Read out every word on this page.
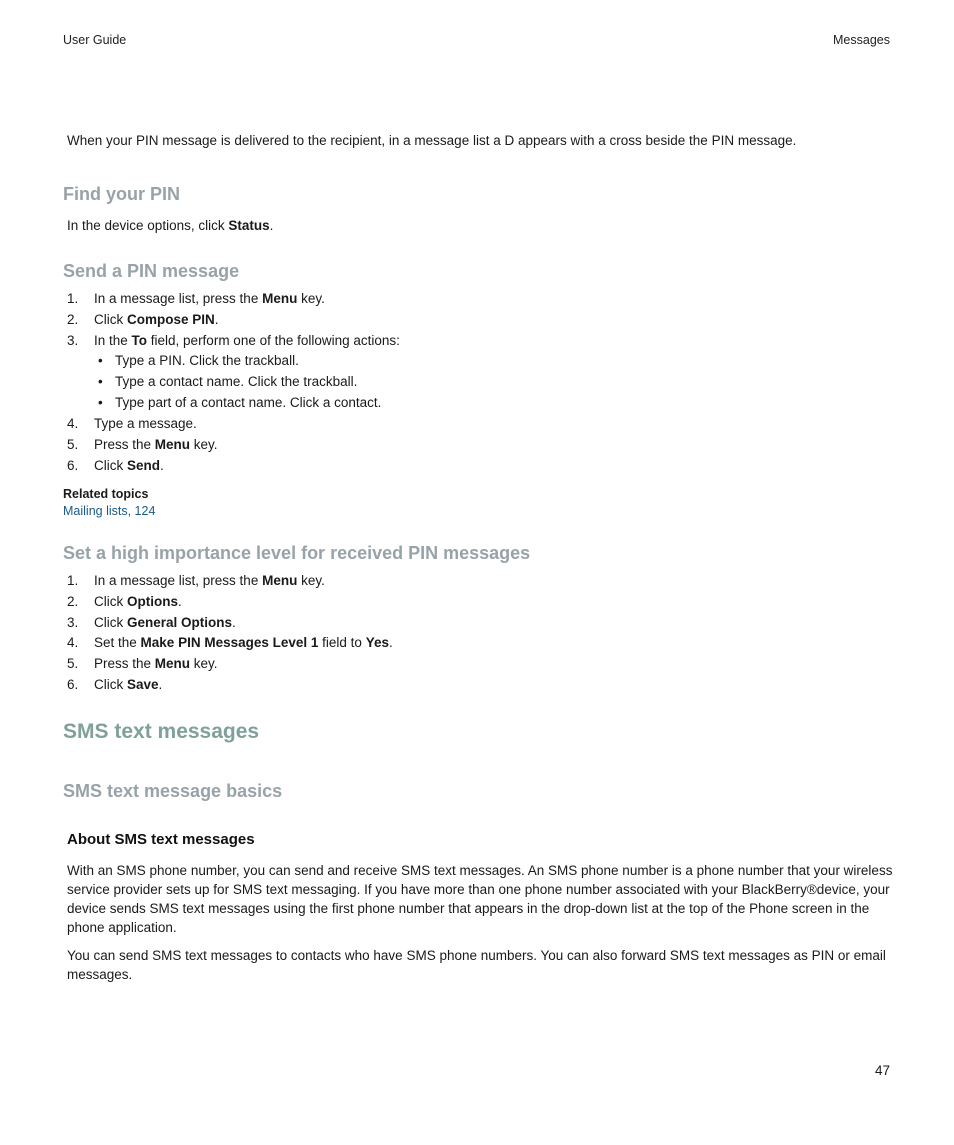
User Guide	Messages

When your PIN message is delivered to the recipient, in a message list a D appears with a cross beside the PIN message.

Find your PIN

In the device options, click Status.

Send a PIN message
1. In a message list, press the Menu key.
2. Click Compose PIN.
3. In the To field, perform one of the following actions:
• Type a PIN. Click the trackball.
• Type a contact name. Click the trackball.
• Type part of a contact name. Click a contact.
4. Type a message.
5. Press the Menu key.
6. Click Send.
Related topics
Mailing lists, 124
Set a high importance level for received PIN messages
1. In a message list, press the Menu key.
2. Click Options.
3. Click General Options.
4. Set the Make PIN Messages Level 1 field to Yes.
5. Press the Menu key.
6. Click Save.
SMS text messages
SMS text message basics
About SMS text messages

With an SMS phone number, you can send and receive SMS text messages. An SMS phone number is a phone number that your wireless service provider sets up for SMS text messaging. If you have more than one phone number associated with your BlackBerry®device, your device sends SMS text messages using the first phone number that appears in the drop-down list at the top of the Phone screen in the phone application.

You can send SMS text messages to contacts who have SMS phone numbers. You can also forward SMS text messages as PIN or email messages.

47
